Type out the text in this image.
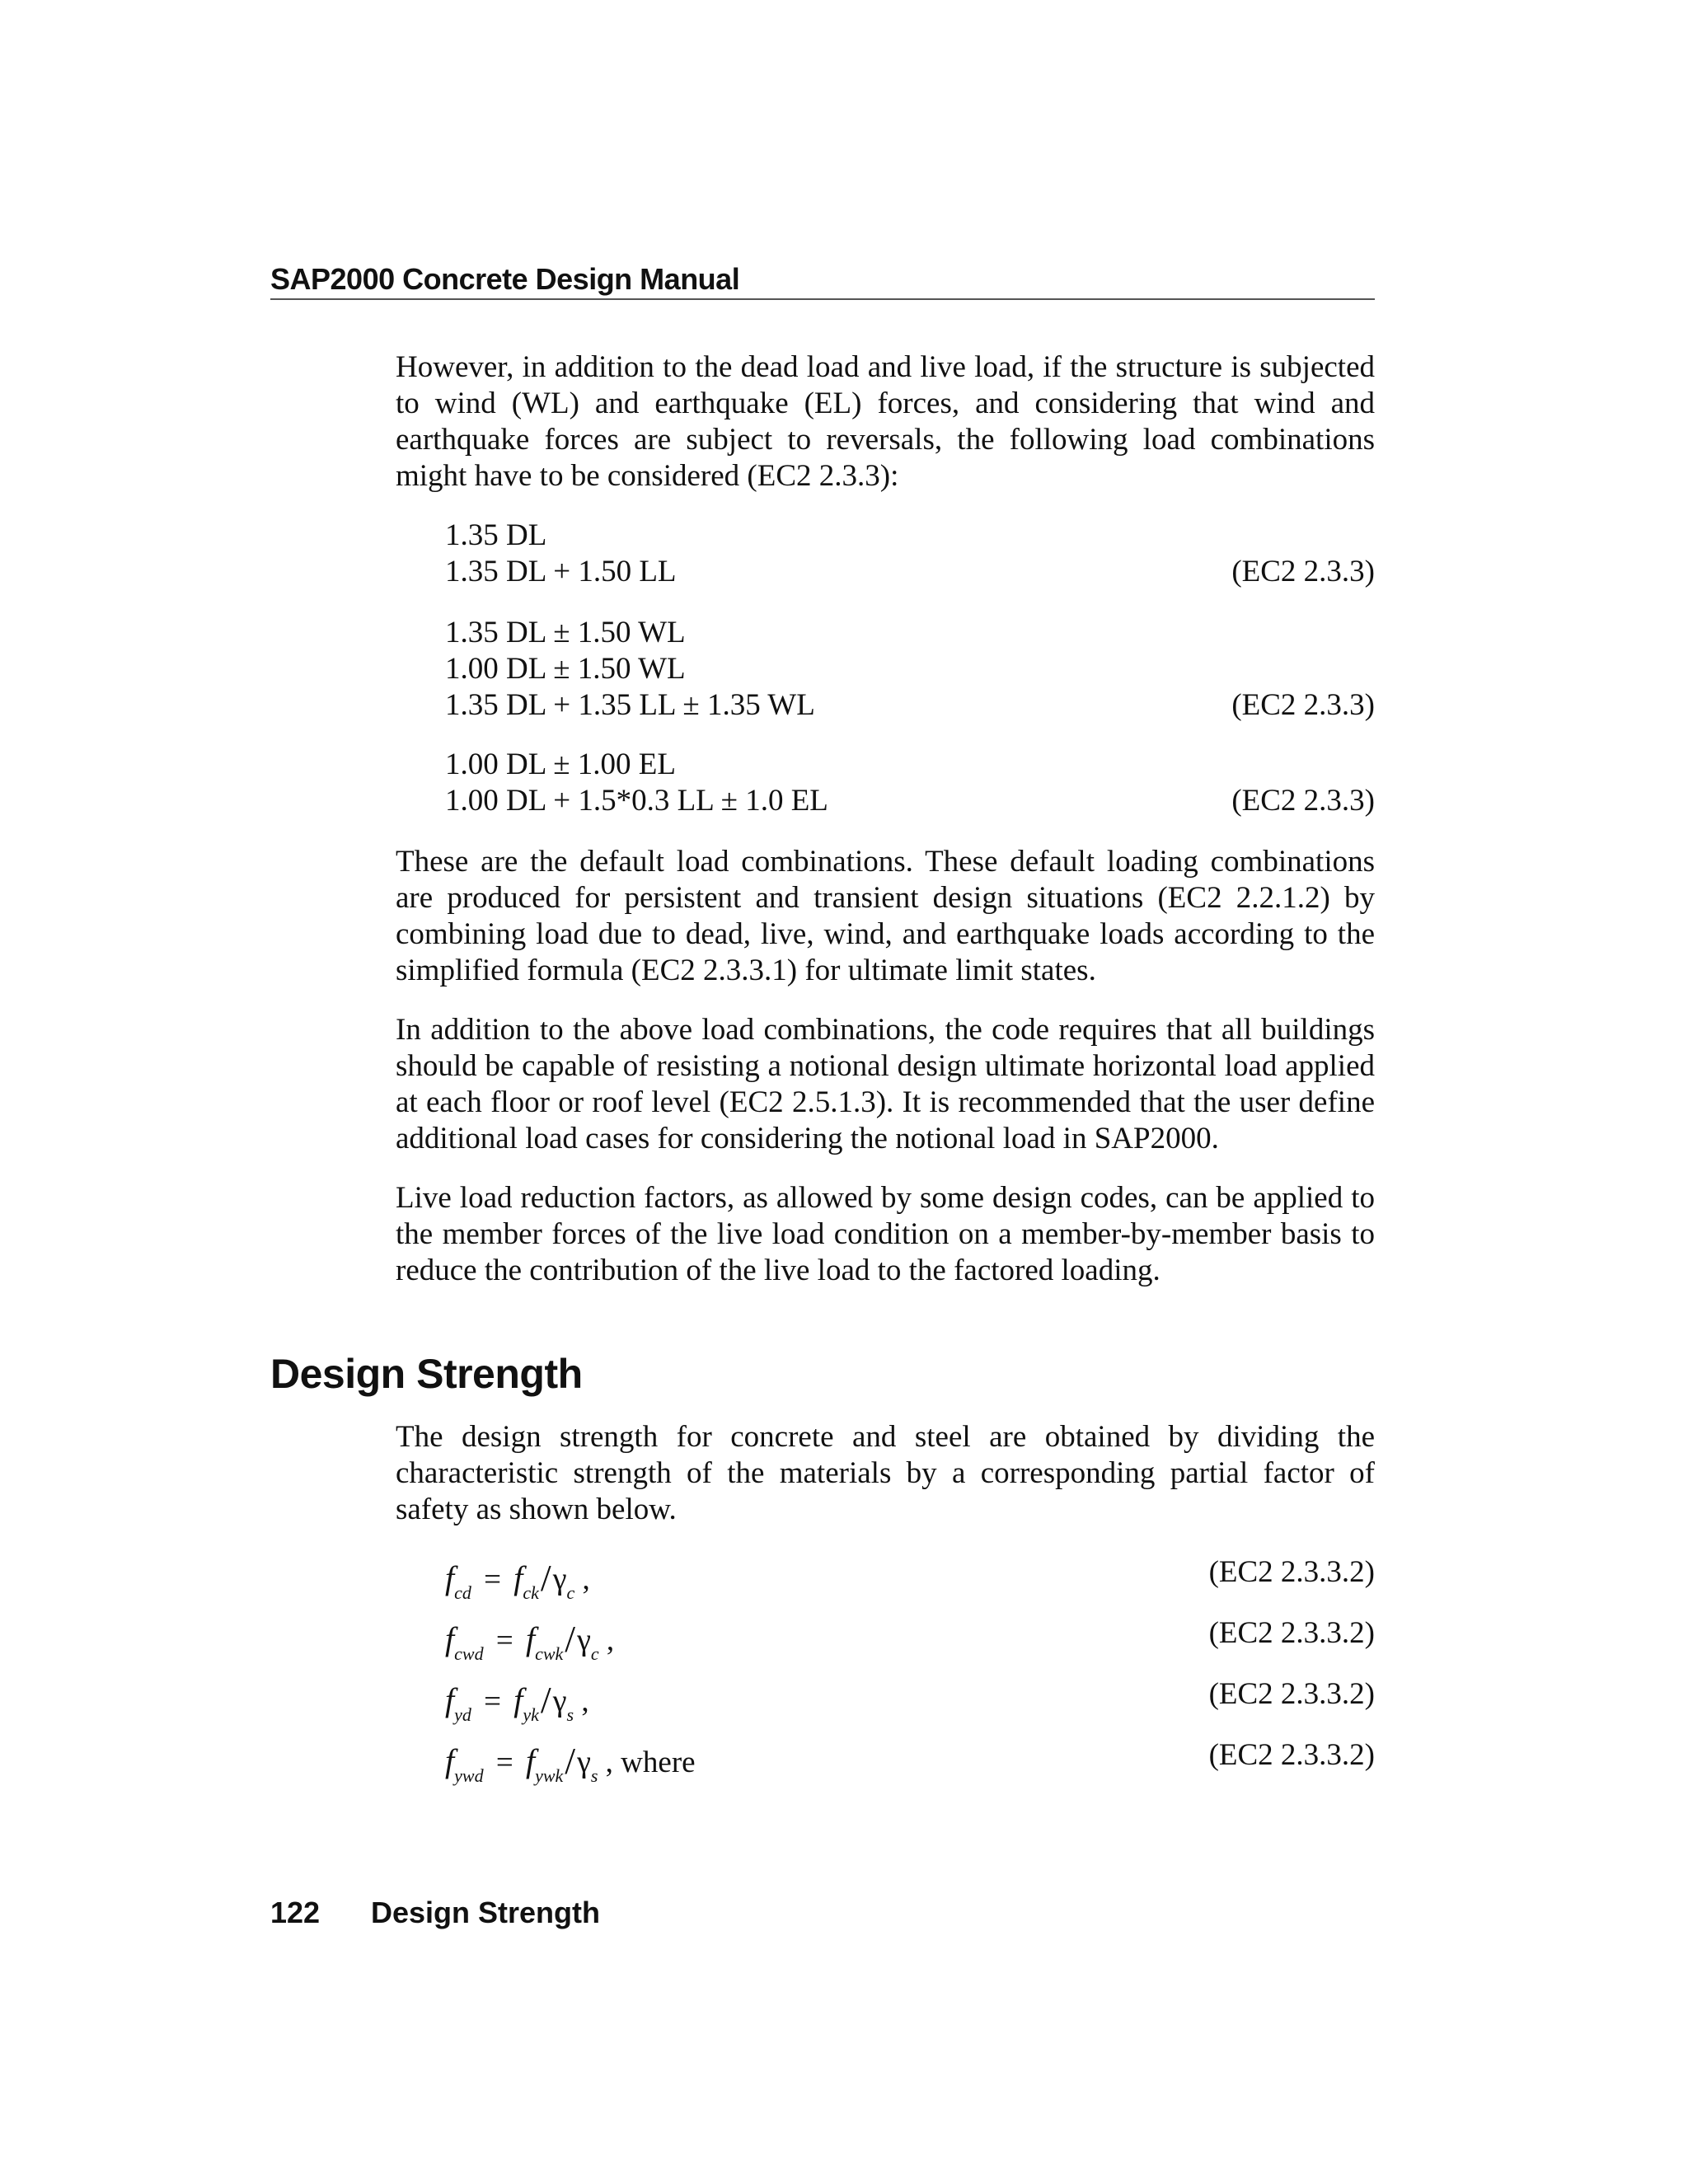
SAP2000 Concrete Design Manual

However, in addition to the dead load and live load, if the structure is subjected to wind (WL) and earthquake (EL) forces, and considering that wind and earthquake forces are subject to reversals, the following load combinations might have to be considered (EC2 2.3.3):

1.35 DL
1.35 DL + 1.50 LL	(EC2 2.3.3)
1.35 DL ± 1.50 WL
1.00 DL ± 1.50 WL
1.35 DL + 1.35 LL ± 1.35 WL	(EC2 2.3.3)
1.00 DL ± 1.00 EL
1.00 DL + 1.5*0.3 LL ± 1.0 EL	(EC2 2.3.3)

These are the default load combinations. These default loading combinations are produced for persistent and transient design situations (EC2 2.2.1.2) by combining load due to dead, live, wind, and earthquake loads according to the simplified formula (EC2 2.3.3.1) for ultimate limit states.

In addition to the above load combinations, the code requires that all buildings should be capable of resisting a notional design ultimate horizontal load applied at each floor or roof level (EC2 2.5.1.3). It is recommended that the user define additional load cases for considering the notional load in SAP2000.

Live load reduction factors, as allowed by some design codes, can be applied to the member forces of the live load condition on a member-by-member basis to reduce the contribution of the live load to the factored loading.

Design Strength

The design strength for concrete and steel are obtained by dividing the characteristic strength of the materials by a corresponding partial factor of safety as shown below.

$f_{cd} = f_{ck}/\gamma_c$ ,	(EC2 2.3.3.2)
$f_{cwd} = f_{cwk}/\gamma_c$ ,	(EC2 2.3.3.2)
$f_{yd} = f_{yk}/\gamma_s$ ,	(EC2 2.3.3.2)
$f_{ywd} = f_{ywk}/\gamma_s$ , where	(EC2 2.3.3.2)
122 Design Strength
